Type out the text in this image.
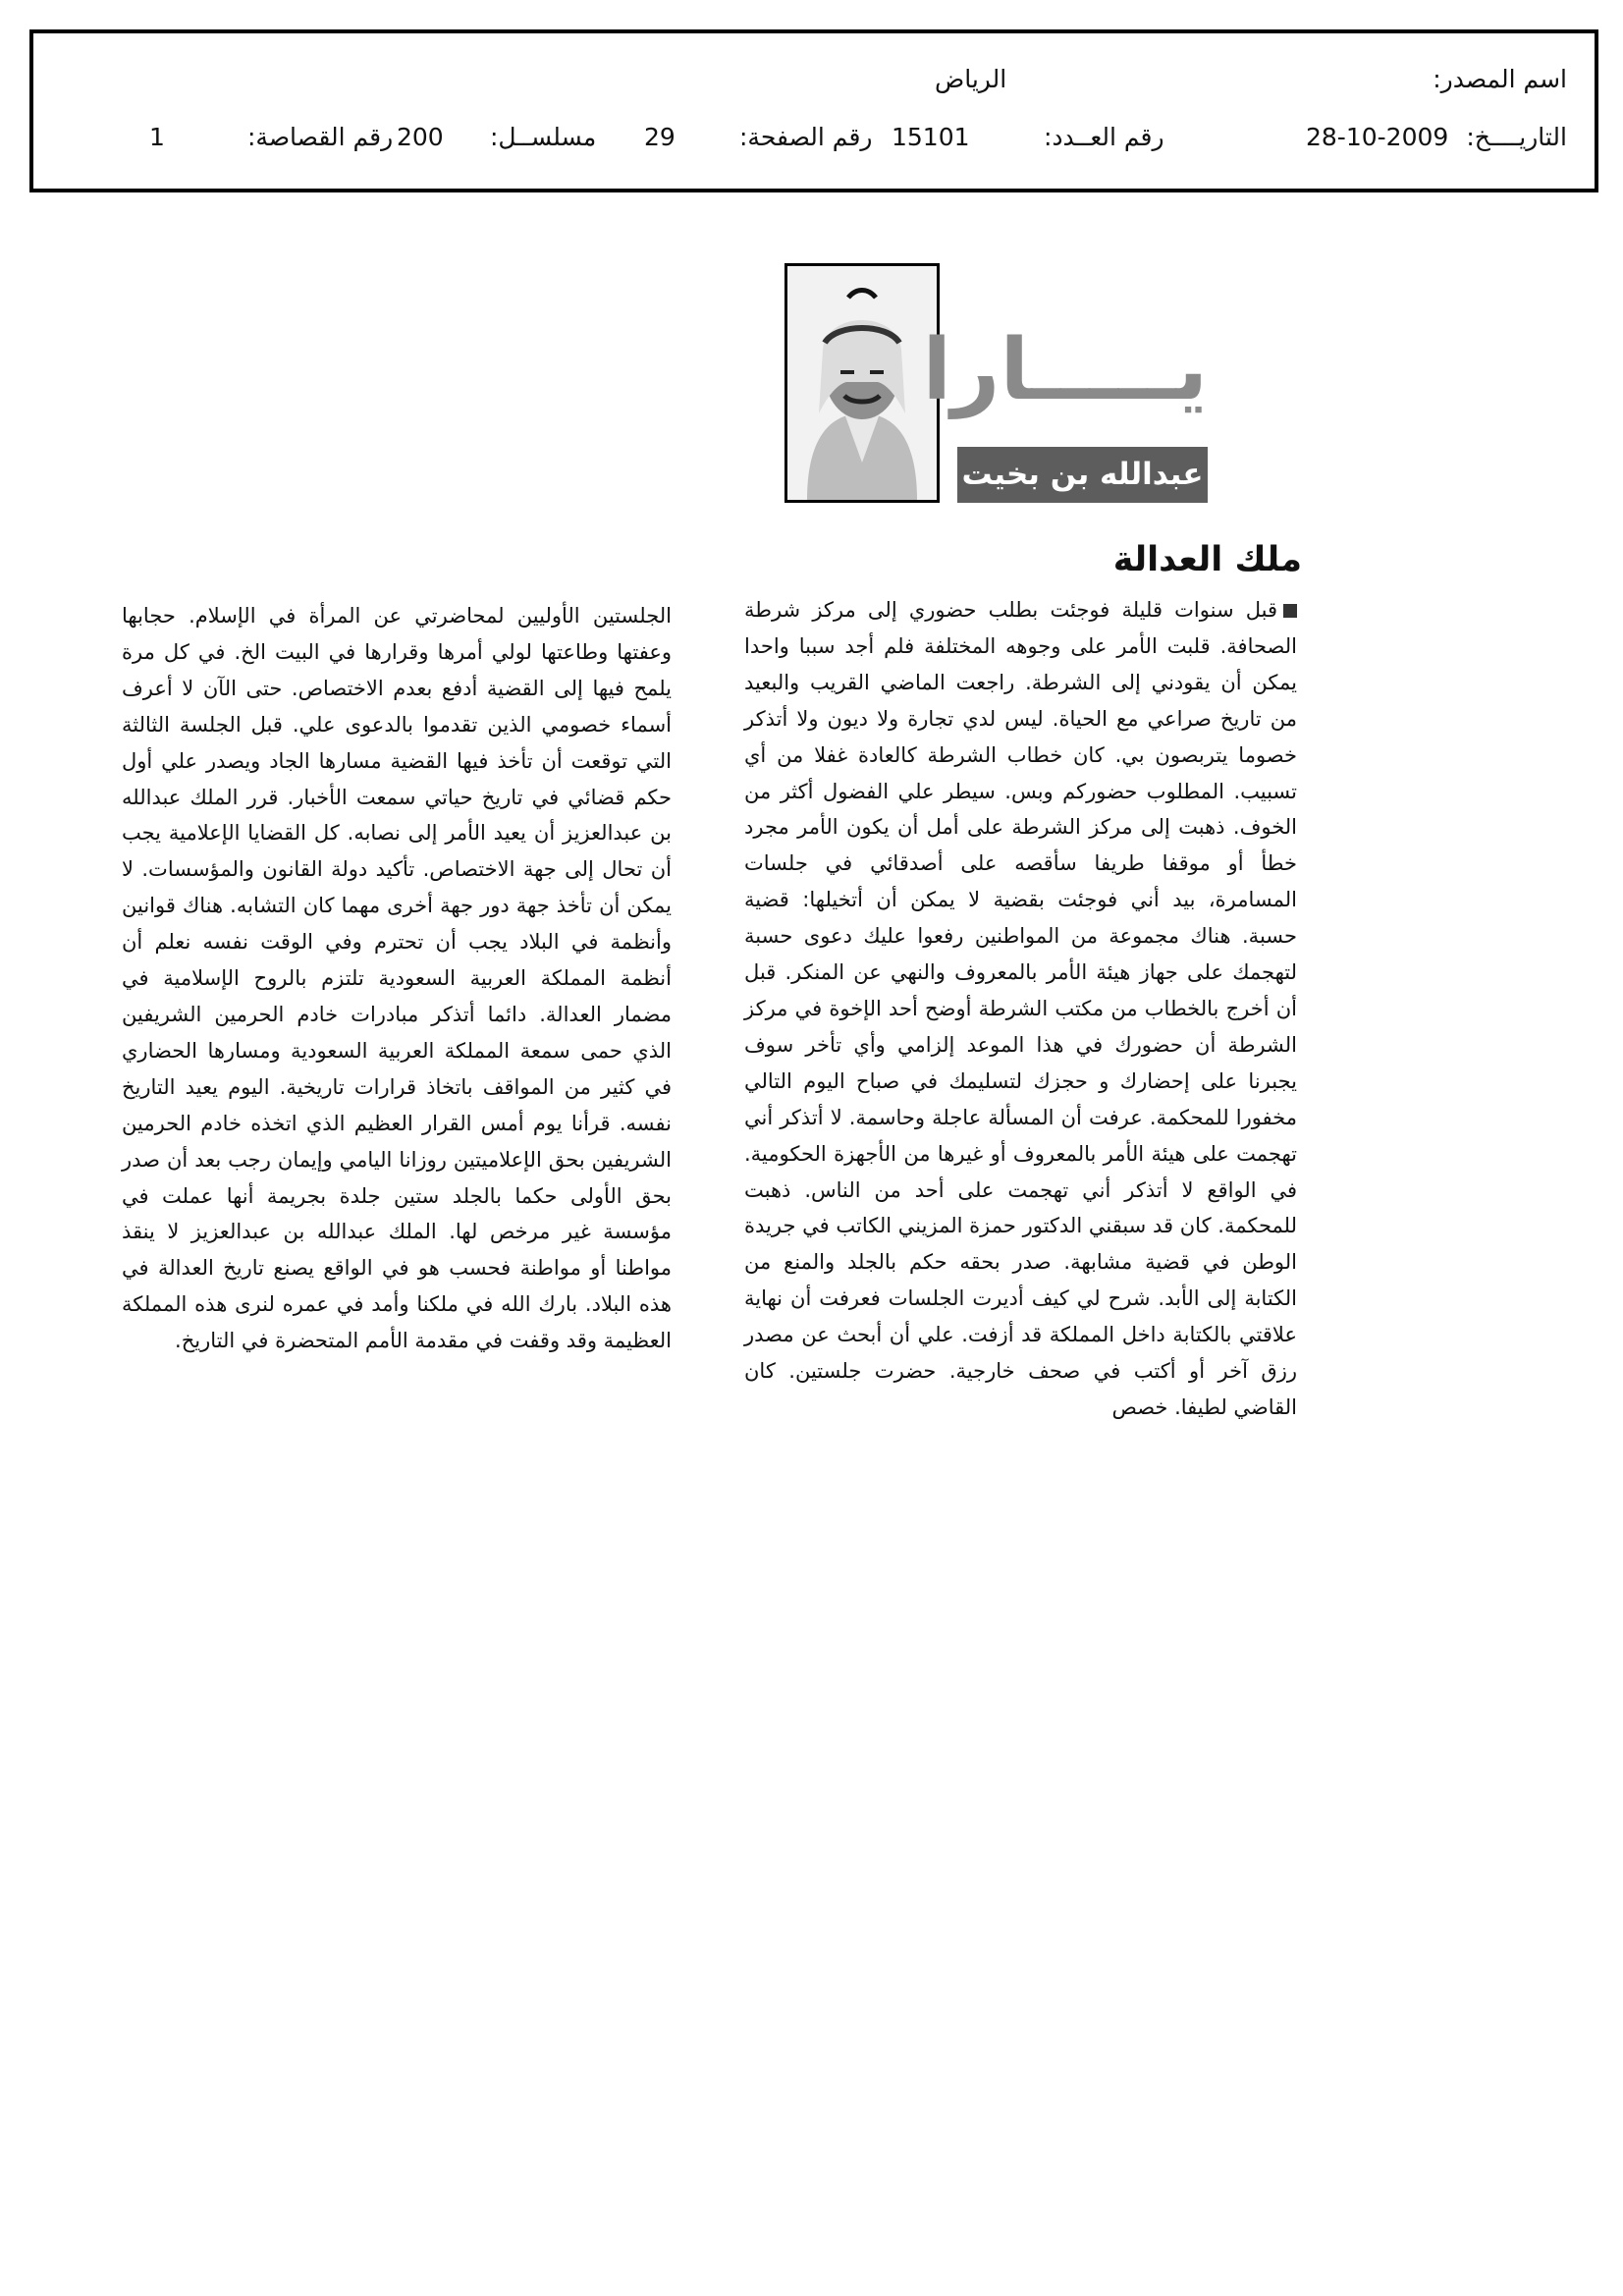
اسم المصدر:
الرياض
التاريــــخ:
28-10-2009
رقم العــدد:
15101
رقم الصفحة:
29
مسلســل:
200
رقم القصاصة:
1
يـــــارا
عبدالله بن بخيت
ملك العدالة

قبل سنوات قليلة فوجئت بطلب حضوري إلى مركز شرطة الصحافة. قلبت الأمر على وجوهه المختلفة فلم أجد سببا واحدا يمكن أن يقودني إلى الشرطة. راجعت الماضي القريب والبعيد من تاريخ صراعي مع الحياة. ليس لدي تجارة ولا ديون ولا أتذكر خصوما يتربصون بي. كان خطاب الشرطة كالعادة غفلا من أي تسبيب. المطلوب حضوركم وبس. سيطر علي الفضول أكثر من الخوف. ذهبت إلى مركز الشرطة على أمل أن يكون الأمر مجرد خطأ أو موقفا طريفا سأقصه على أصدقائي في جلسات المسامرة، بيد أني فوجئت بقضية لا يمكن أن أتخيلها: قضية حسبة. هناك مجموعة من المواطنين رفعوا عليك دعوى حسبة لتهجمك على جهاز هيئة الأمر بالمعروف والنهي عن المنكر. قبل أن أخرج بالخطاب من مكتب الشرطة أوضح أحد الإخوة في مركز الشرطة أن حضورك في هذا الموعد إلزامي وأي تأخر سوف يجبرنا على إحضارك و حجزك لتسليمك في صباح اليوم التالي مخفورا للمحكمة. عرفت أن المسألة عاجلة وحاسمة. لا أتذكر أني تهجمت على هيئة الأمر بالمعروف أو غيرها من الأجهزة الحكومية. في الواقع لا أتذكر أني تهجمت على أحد من الناس. ذهبت للمحكمة. كان قد سبقني الدكتور حمزة المزيني الكاتب في جريدة الوطن في قضية مشابهة. صدر بحقه حكم بالجلد والمنع من الكتابة إلى الأبد. شرح لي كيف أديرت الجلسات فعرفت أن نهاية علاقتي بالكتابة داخل المملكة قد أزفت. علي أن أبحث عن مصدر رزق آخر أو أكتب في صحف خارجية. حضرت جلستين. كان القاضي لطيفا. خصص

الجلستين الأوليين لمحاضرتي عن المرأة في الإسلام. حجابها وعفتها وطاعتها لولي أمرها وقرارها في البيت الخ. في كل مرة يلمح فيها إلى القضية أدفع بعدم الاختصاص. حتى الآن لا أعرف أسماء خصومي الذين تقدموا بالدعوى علي. قبل الجلسة الثالثة التي توقعت أن تأخذ فيها القضية مسارها الجاد ويصدر علي أول حكم قضائي في تاريخ حياتي سمعت الأخبار. قرر الملك عبدالله بن عبدالعزيز أن يعيد الأمر إلى نصابه. كل القضايا الإعلامية يجب أن تحال إلى جهة الاختصاص. تأكيد دولة القانون والمؤسسات. لا يمكن أن تأخذ جهة دور جهة أخرى مهما كان التشابه. هناك قوانين وأنظمة في البلاد يجب أن تحترم وفي الوقت نفسه نعلم أن أنظمة المملكة العربية السعودية تلتزم بالروح الإسلامية في مضمار العدالة. دائما أتذكر مبادرات خادم الحرمين الشريفين الذي حمى سمعة المملكة العربية السعودية ومسارها الحضاري في كثير من المواقف باتخاذ قرارات تاريخية. اليوم يعيد التاريخ نفسه. قرأنا يوم أمس القرار العظيم الذي اتخذه خادم الحرمين الشريفين بحق الإعلاميتين روزانا اليامي وإيمان رجب بعد أن صدر بحق الأولى حكما بالجلد ستين جلدة بجريمة أنها عملت في مؤسسة غير مرخص لها. الملك عبدالله بن عبدالعزيز لا ينقذ مواطنا أو مواطنة فحسب هو في الواقع يصنع تاريخ العدالة في هذه البلاد. بارك الله في ملكنا وأمد في عمره لنرى هذه المملكة العظيمة وقد وقفت في مقدمة الأمم المتحضرة في التاريخ.
